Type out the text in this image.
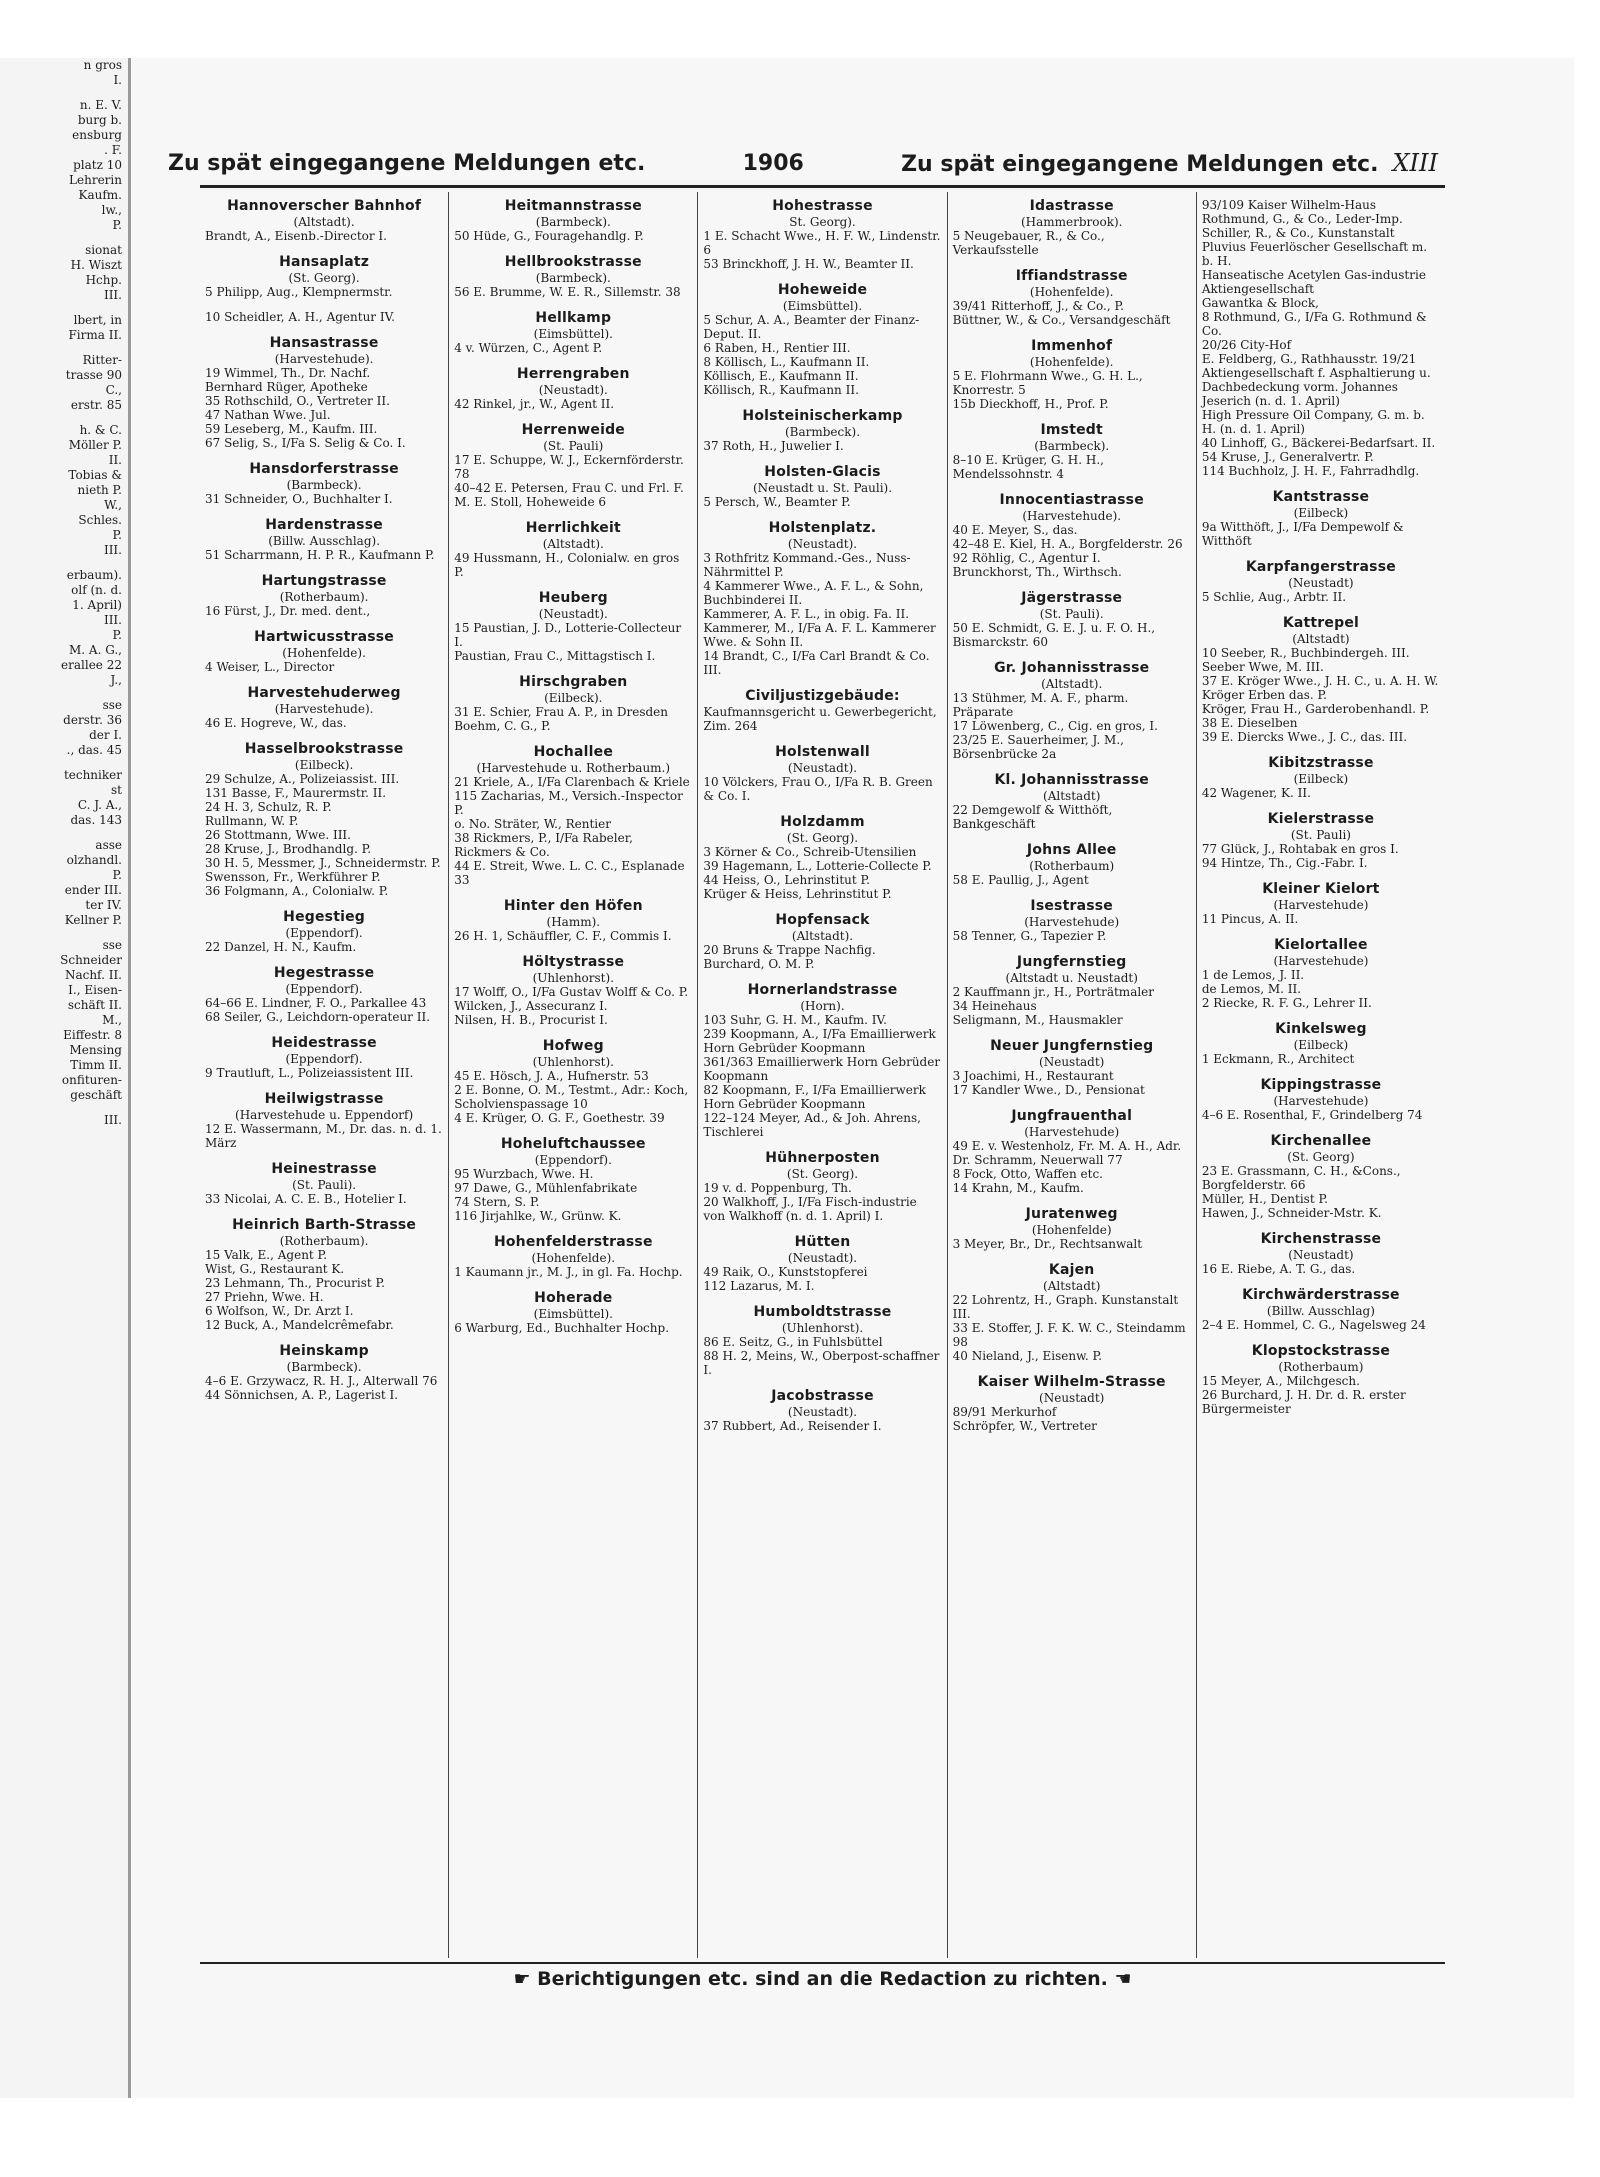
n gros
I.
n. E. V.
burg b.
ensburg
. F.
platz 10
Lehrerin
Kaufm.
lw.,
P.
sionat
H. Wiszt
Hchp.
III.
lbert, in
Firma II.
Ritter-
trasse 90
C.,
erstr. 85
h. & C.
Möller P.
II.
Tobias &
nieth P.
W.,
Schles.
P.
III.
erbaum).
olf (n. d.
1. April)
III.
P.
M. A. G.,
erallee 22
J.,
sse
derstr. 36
der I.
., das. 45
techniker
st
C. J. A.,
das. 143
asse
olzhandl.
P.
ender III.
ter IV.
Kellner P.
sse
Schneider
Nachf. II.
I., Eisen-
schäft II.
M.,
Eiffestr. 8
Mensing
Timm II.
onfituren-
geschäft
III.
Zu spät eingegangene Meldungen etc.	1906	Zu spät eingegangene Meldungen etc. XIII
Hannoverscher Bahnhof
(Altstadt).
Brandt, A., Eisenb.-Director I.
Hansaplatz
(St. Georg).
5 Philipp, Aug., Klempnermstr.
10 Scheidler, A. H., Agentur IV.
Hansastrasse
(Harvestehude).
19 Wimmel, Th., Dr. Nachf.
Bernhard Rüger, Apotheke
35 Rothschild, O., Vertreter II.
47 Nathan Wwe. Jul.
59 Leseberg, M., Kaufm. III.
67 Selig, S., I/Fa S. Selig & Co. I.
Hansdorferstrasse
(Barmbeck).
31 Schneider, O., Buchhalter I.
Hardenstrasse
(Billw. Ausschlag).
51 Scharrmann, H. P. R., Kaufmann P.
Hartungstrasse
(Rotherbaum).
16 Fürst, J., Dr. med. dent.,
Hartwicusstrasse
(Hohenfelde).
4 Weiser, L., Director
Harvestehuderweg
(Harvestehude).
46 E. Hogreve, W., das.
Hasselbrookstrasse
(Eilbeck).
29 Schulze, A., Polizeiassist. III.
131 Basse, F., Maurermstr. II.
24 H. 3, Schulz, R. P.
Rullmann, W. P.
26 Stottmann, Wwe. III.
28 Kruse, J., Brodhandlg. P.
30 H. 5, Messmer, J., Schneidermstr. P.
Swensson, Fr., Werkführer P.
36 Folgmann, A., Colonialw. P.
Hegestieg
(Eppendorf).
22 Danzel, H. N., Kaufm.
Hegestrasse
(Eppendorf).
64–66 E. Lindner, F. O., Parkallee 43
68 Seiler, G., Leichdorn-operateur II.
Heidestrasse
(Eppendorf).
9 Trautluft, L., Polizeiassistent III.
Heilwigstrasse
(Harvestehude u. Eppendorf)
12 E. Wassermann, M., Dr. das. n. d. 1. März
Heinestrasse
(St. Pauli).
33 Nicolai, A. C. E. B., Hotelier I.
Heinrich Barth-Strasse
(Rotherbaum).
15 Valk, E., Agent P.
Wist, G., Restaurant K.
23 Lehmann, Th., Procurist P.
27 Priehn, Wwe. H.
6 Wolfson, W., Dr. Arzt I.
12 Buck, A., Mandelcrêmefabr.
Heinskamp
(Barmbeck).
4–6 E. Grzywacz, R. H. J., Alterwall 76
44 Sönnichsen, A. P., Lagerist I.
Heitmannstrasse
(Barmbeck).
50 Hüde, G., Fouragehandlg. P.
Hellbrookstrasse
(Barmbeck).
56 E. Brumme, W. E. R., Sillemstr. 38
Hellkamp
(Eimsbüttel).
4 v. Würzen, C., Agent P.
Herrengraben
(Neustadt).
42 Rinkel, jr., W., Agent II.
Herrenweide
(St. Pauli)
17 E. Schuppe, W. J., Eckernförderstr. 78
40–42 E. Petersen, Frau C. und Frl. F. M. E. Stoll, Hoheweide 6
Herrlichkeit
(Altstadt).
49 Hussmann, H., Colonialw. en gros P.
Heuberg
(Neustadt).
15 Paustian, J. D., Lotterie-Collecteur I.
Paustian, Frau C., Mittagstisch I.
Hirschgraben
(Eilbeck).
31 E. Schier, Frau A. P., in Dresden
Boehm, C. G., P.
Hochallee
(Harvestehude u. Rotherbaum.)
21 Kriele, A., I/Fa Clarenbach & Kriele
115 Zacharias, M., Versich.-Inspector P.
o. No. Sträter, W., Rentier
38 Rickmers, P., I/Fa Rabeler, Rickmers & Co.
44 E. Streit, Wwe. L. C. C., Esplanade 33
Hinter den Höfen
(Hamm).
26 H. 1, Schäuffler, C. F., Commis I.
Höltystrasse
(Uhlenhorst).
17 Wolff, O., I/Fa Gustav Wolff & Co. P.
Wilcken, J., Assecuranz I.
Nilsen, H. B., Procurist I.
Hofweg
(Uhlenhorst).
45 E. Hösch, J. A., Hufnerstr. 53
2 E. Bonne, O. M., Testmt., Adr.: Koch, Scholvienspassage 10
4 E. Krüger, O. G. F., Goethestr. 39
Hoheluftchaussee
(Eppendorf).
95 Wurzbach, Wwe. H.
97 Dawe, G., Mühlenfabrikate
74 Stern, S. P.
116 Jirjahlke, W., Grünw. K.
Hohenfelderstrasse
(Hohenfelde).
1 Kaumann jr., M. J., in gl. Fa. Hochp.
Hoherade
(Eimsbüttel).
6 Warburg, Ed., Buchhalter Hochp.
Hohestrasse
St. Georg).
1 E. Schacht Wwe., H. F. W., Lindenstr. 6
53 Brinckhoff, J. H. W., Beamter II.
Hoheweide
(Eimsbüttel).
5 Schur, A. A., Beamter der Finanz-Deput. II.
6 Raben, H., Rentier III.
8 Köllisch, L., Kaufmann II.
Köllisch, E., Kaufmann II.
Köllisch, R., Kaufmann II.
Holsteinischerkamp
(Barmbeck).
37 Roth, H., Juwelier I.
Holsten-Glacis
(Neustadt u. St. Pauli).
5 Persch, W., Beamter P.
Holstenplatz.
(Neustadt).
3 Rothfritz Kommand.-Ges., Nuss-Nährmittel P.
4 Kammerer Wwe., A. F. L., & Sohn, Buchbinderei II.
Kammerer, A. F. L., in obig. Fa. II.
Kammerer, M., I/Fa A. F. L. Kammerer Wwe. & Sohn II.
14 Brandt, C., I/Fa Carl Brandt & Co. III.
Civiljustizgebäude:
Kaufmannsgericht u. Gewerbegericht, Zim. 264
Holstenwall
(Neustadt).
10 Völckers, Frau O., I/Fa R. B. Green & Co. I.
Holzdamm
(St. Georg).
3 Körner & Co., Schreib-Utensilien
39 Hagemann, L., Lotterie-Collecte P.
44 Heiss, O., Lehrinstitut P.
Krüger & Heiss, Lehrinstitut P.
Hopfensack
(Altstadt).
20 Bruns & Trappe Nachfig.
Burchard, O. M. P.
Hornerlandstrasse
(Horn).
103 Suhr, G. H. M., Kaufm. IV.
239 Koopmann, A., I/Fa Emaillierwerk Horn Gebrüder Koopmann
361/363 Emaillierwerk Horn Gebrüder Koopmann
82 Koopmann, F., I/Fa Emaillierwerk Horn Gebrüder Koopmann
122–124 Meyer, Ad., & Joh. Ahrens, Tischlerei
Hühnerposten
(St. Georg).
19 v. d. Poppenburg, Th.
20 Walkhoff, J., I/Fa Fisch-industrie von Walkhoff (n. d. 1. April) I.
Hütten
(Neustadt).
49 Raik, O., Kunststopferei
112 Lazarus, M. I.
Humboldtstrasse
(Uhlenhorst).
86 E. Seitz, G., in Fuhlsbüttel
88 H. 2, Meins, W., Oberpost-schaffner I.
Jacobstrasse
(Neustadt).
37 Rubbert, Ad., Reisender I.
Idastrasse
(Hammerbrook).
5 Neugebauer, R., & Co., Verkaufsstelle
Iffiandstrasse
(Hohenfelde).
39/41 Ritterhoff, J., & Co., P.
Büttner, W., & Co., Versandgeschäft
Immenhof
(Hohenfelde).
5 E. Flohrmann Wwe., G. H. L., Knorrestr. 5
15b Dieckhoff, H., Prof. P.
Imstedt
(Barmbeck).
8–10 E. Krüger, G. H. H., Mendelssohnstr. 4
Innocentiastrasse
(Harvestehude).
40 E. Meyer, S., das.
42–48 E. Kiel, H. A., Borgfelderstr. 26
92 Röhlig, C., Agentur I.
Brunckhorst, Th., Wirthsch.
Jägerstrasse
(St. Pauli).
50 E. Schmidt, G. E. J. u. F. O. H., Bismarckstr. 60
Gr. Johannisstrasse
(Altstadt).
13 Stühmer, M. A. F., pharm. Präparate
17 Löwenberg, C., Cig. en gros, I.
23/25 E. Sauerheimer, J. M., Börsenbrücke 2a
Kl. Johannisstrasse
(Altstadt)
22 Demgewolf & Witthöft, Bankgeschäft
Johns Allee
(Rotherbaum)
58 E. Paullig, J., Agent
Isestrasse
(Harvestehude)
58 Tenner, G., Tapezier P.
Jungfernstieg
(Altstadt u. Neustadt)
2 Kauffmann jr., H., Porträtmaler
34 Heinehaus
Seligmann, M., Hausmakler
Neuer Jungfernstieg
(Neustadt)
3 Joachimi, H., Restaurant
17 Kandler Wwe., D., Pensionat
Jungfrauenthal
(Harvestehude)
49 E. v. Westenholz, Fr. M. A. H., Adr. Dr. Schramm, Neuerwall 77
8 Fock, Otto, Waffen etc.
14 Krahn, M., Kaufm.
Juratenweg
(Hohenfelde)
3 Meyer, Br., Dr., Rechtsanwalt
Kajen
(Altstadt)
22 Lohrentz, H., Graph. Kunstanstalt III.
33 E. Stoffer, J. F. K. W. C., Steindamm 98
40 Nieland, J., Eisenw. P.
Kaiser Wilhelm-Strasse
(Neustadt)
89/91 Merkurhof
Schröpfer, W., Vertreter
93/109 Kaiser Wilhelm-Haus
Rothmund, G., & Co., Leder-Imp.
Schiller, R., & Co., Kunstanstalt
Pluvius Feuerlöscher Gesellschaft m. b. H.
Hanseatische Acetylen Gas-industrie Aktiengesellschaft
Gawantka & Block,
8 Rothmund, G., I/Fa G. Rothmund & Co.
20/26 City-Hof
E. Feldberg, G., Rathhausstr. 19/21
Aktiengesellschaft f. Asphaltierung u. Dachbedeckung vorm. Johannes Jeserich (n. d. 1. April)
High Pressure Oil Company, G. m. b. H. (n. d. 1. April)
40 Linhoff, G., Bäckerei-Bedarfsart. II.
54 Kruse, J., Generalvertr. P.
114 Buchholz, J. H. F., Fahrradhdlg.
Kantstrasse
(Eilbeck)
9a Witthöft, J., I/Fa Dempewolf & Witthöft
Karpfangerstrasse
(Neustadt)
5 Schlie, Aug., Arbtr. II.
Kattrepel
(Altstadt)
10 Seeber, R., Buchbindergeh. III.
Seeber Wwe, M. III.
37 E. Kröger Wwe., J. H. C., u. A. H. W. Kröger Erben das. P.
Kröger, Frau H., Garderobenhandl. P.
38 E. Dieselben
39 E. Diercks Wwe., J. C., das. III.
Kibitzstrasse
(Eilbeck)
42 Wagener, K. II.
Kielerstrasse
(St. Pauli)
77 Glück, J., Rohtabak en gros I.
94 Hintze, Th., Cig.-Fabr. I.
Kleiner Kielort
(Harvestehude)
11 Pincus, A. II.
Kielortallee
(Harvestehude)
1 de Lemos, J. II.
de Lemos, M. II.
2 Riecke, R. F. G., Lehrer II.
Kinkelsweg
(Eilbeck)
1 Eckmann, R., Architect
Kippingstrasse
(Harvestehude)
4–6 E. Rosenthal, F., Grindelberg 74
Kirchenallee
(St. Georg)
23 E. Grassmann, C. H., &Cons., Borgfelderstr. 66
Müller, H., Dentist P.
Hawen, J., Schneider-Mstr. K.
Kirchenstrasse
(Neustadt)
16 E. Riebe, A. T. G., das.
Kirchwärderstrasse
(Billw. Ausschlag)
2–4 E. Hommel, C. G., Nagelsweg 24
Klopstockstrasse
(Rotherbaum)
15 Meyer, A., Milchgesch.
26 Burchard, J. H. Dr. d. R. erster Bürgermeister
☛ Berichtigungen etc. sind an die Redaction zu richten. ☚
